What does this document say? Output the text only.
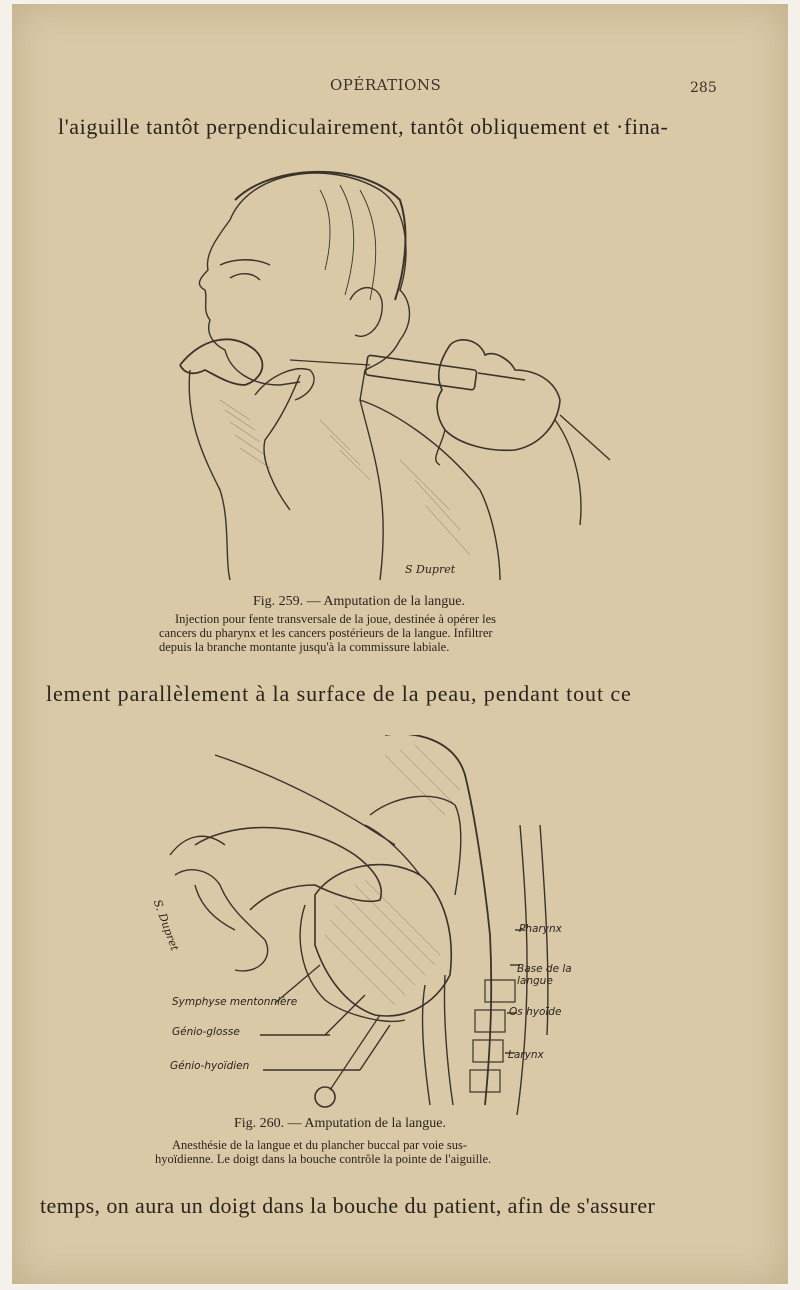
OPÉRATIONS	285
l'aiguille tantôt perpendiculairement, tantôt obliquement et ·fina-
S Dupret
Fig. 259. — Amputation de la langue.
Injection pour fente transversale de la joue, destinée à opérer les
cancers du pharynx et les cancers postérieurs de la langue. Infiltrer
depuis la branche montante jusqu'à la commissure labiale.
lement parallèlement à la surface de la peau, pendant tout ce
S. Dupret	Pharynx
Base de la langue
Os hyoïde
Larynx
Symphyse mentonnière
Génio-glosse
Génio-hyoïdien
Fig. 260. — Amputation de la langue.
Anesthésie de la langue et du plancher buccal par voie sus-
hyoïdienne. Le doigt dans la bouche contrôle la pointe de l'aiguille.
temps, on aura un doigt dans la bouche du patient, afin de s'assurer
